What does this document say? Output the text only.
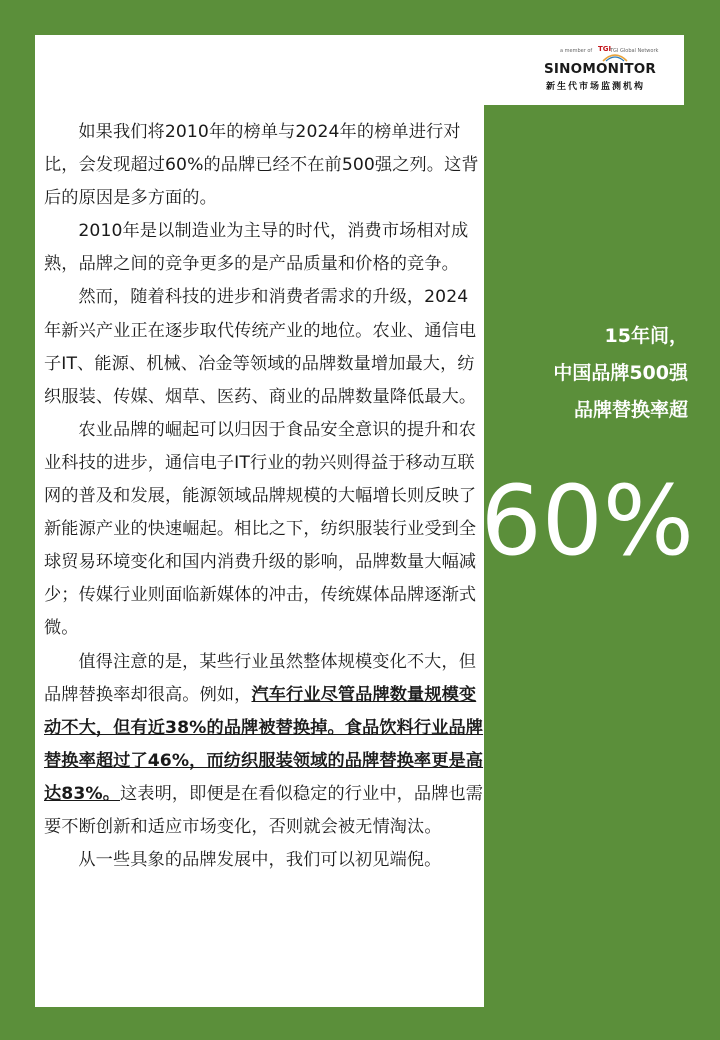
a member of TGI
TGI Global Network
SINOMONITOR
新生代市场监测机构

如果我们将2010年的榜单与2024年的榜单进行对比，会发现超过60%的品牌已经不在前500强之列。这背后的原因是多方面的。

2010年是以制造业为主导的时代，消费市场相对成熟，品牌之间的竞争更多的是产品质量和价格的竞争。

然而，随着科技的进步和消费者需求的升级，2024年新兴产业正在逐步取代传统产业的地位。农业、通信电子IT、能源、机械、冶金等领域的品牌数量增加最大，纺织服装、传媒、烟草、医药、商业的品牌数量降低最大。

农业品牌的崛起可以归因于食品安全意识的提升和农业科技的进步，通信电子IT行业的勃兴则得益于移动互联网的普及和发展，能源领域品牌规模的大幅增长则反映了新能源产业的快速崛起。相比之下，纺织服装行业受到全球贸易环境变化和国内消费升级的影响，品牌数量大幅减少；传媒行业则面临新媒体的冲击，传统媒体品牌逐渐式微。

值得注意的是，某些行业虽然整体规模变化不大，但品牌替换率却很高。例如，汽车行业尽管品牌数量规模变动不大，但有近38%的品牌被替换掉。食品饮料行业品牌替换率超过了46%，而纺织服装领域的品牌替换率更是高达83%。这表明，即便是在看似稳定的行业中，品牌也需要不断创新和适应市场变化，否则就会被无情淘汰。

从一些具象的品牌发展中，我们可以初见端倪。

15年间，
中国品牌500强
品牌替换率超
60%
